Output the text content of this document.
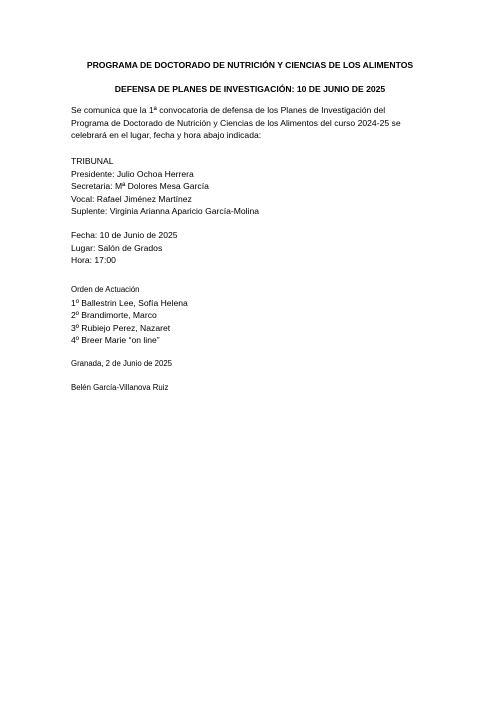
PROGRAMA DE DOCTORADO DE NUTRICIÓN Y CIENCIAS DE LOS ALIMENTOS
DEFENSA DE PLANES DE INVESTIGACIÓN: 10 DE JUNIO DE 2025
Se comunica que la 1ª convocatoria de defensa de los Planes de Investigación del
Programa de Doctorado de Nutrición y Ciencias de los Alimentos del curso 2024-25 se
celebrará en el lugar, fecha y hora abajo indicada:
TRIBUNAL
Presidente: Julio Ochoa Herrera
Secretaria: Mª Dolores Mesa García
Vocal: Rafael Jiménez Martínez
Suplente: Virginia Arianna Aparicio García-Molina
Fecha: 10 de Junio de 2025
Lugar: Salón de Grados
Hora: 17:00
Orden de Actuación
1º Ballestrin Lee, Sofía Helena
2º Brandimorte, Marco
3º Rubiejo Perez, Nazaret
4º Breer Marie “on line”
Granada, 2 de Junio de 2025
Belén García-Villanova Ruiz
